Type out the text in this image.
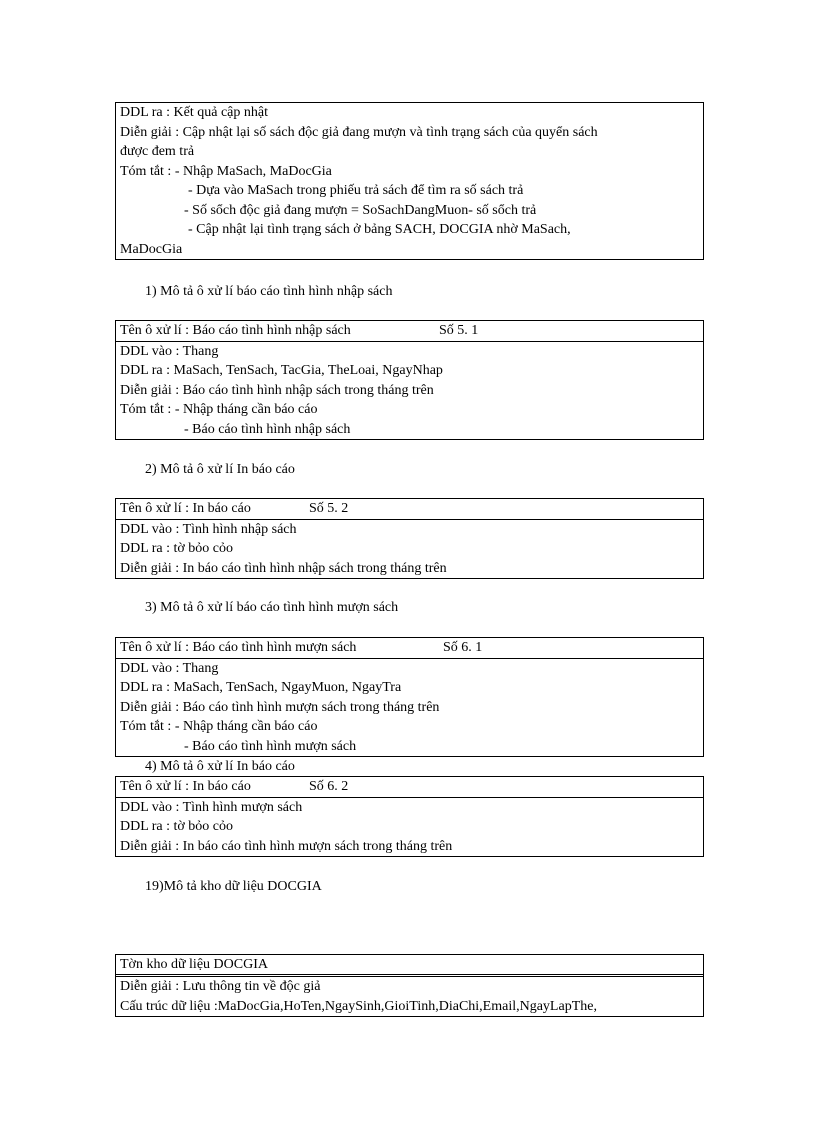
DDL ra : Kết quả cập nhật
Diễn giải : Cập nhật lại số sách độc giả đang mượn và tình trạng sách của quyển sách
được đem trả
Tóm tắt : - Nhập MaSach, MaDocGia
- Dựa vào MaSach trong phiếu trả sách để tìm ra số sách trả
- Số sổch độc giả đang mượn = SoSachDangMuon- số sổch trả
- Cập nhật lại tình trạng sách ở bảng SACH, DOCGIA nhờ MaSach,
MaDocGia
1) Mô tả ô xử lí báo cáo tình hình nhập sách
Tên ô xử lí : Báo cáo tình hình nhập sách	Số 5. 1
DDL vào : Thang
DDL ra : MaSach, TenSach, TacGia, TheLoai, NgayNhap
Diễn giải : Báo cáo tình hình nhập sách trong tháng trên
Tóm tắt : - Nhập tháng cần báo cáo
- Báo cáo tình hình nhập sách
2) Mô tả ô xử lí In báo cáo
Tên ô xử lí : In báo cáo	Số 5. 2
DDL vào : Tình hình nhập sách
DDL ra : tờ bỏo cỏo
Diễn giải : In báo cáo tình hình nhập sách trong tháng trên
3) Mô tả ô xử lí báo cáo tình hình mượn sách
Tên ô xử lí : Báo cáo tình hình mượn sách	Số 6. 1
DDL vào : Thang
DDL ra : MaSach, TenSach, NgayMuon, NgayTra
Diễn giải : Báo cáo tình hình mượn sách trong tháng trên
Tóm tắt : - Nhập tháng cần báo cáo
- Báo cáo tình hình mượn sách
4) Mô tả ô xử lí In báo cáo
Tên ô xử lí : In báo cáo	Số 6. 2
DDL vào : Tình hình mượn sách
DDL ra : tờ bỏo cỏo
Diễn giải : In báo cáo tình hình mượn sách trong tháng trên
19)Mô tả kho dữ liệu DOCGIA
Tờn kho dữ liệu DOCGIA
Diễn giải : Lưu thông tin về độc giả
Cấu trúc dữ liệu :MaDocGia,HoTen,NgaySinh,GioiTinh,DiaChi,Email,NgayLapThe,
